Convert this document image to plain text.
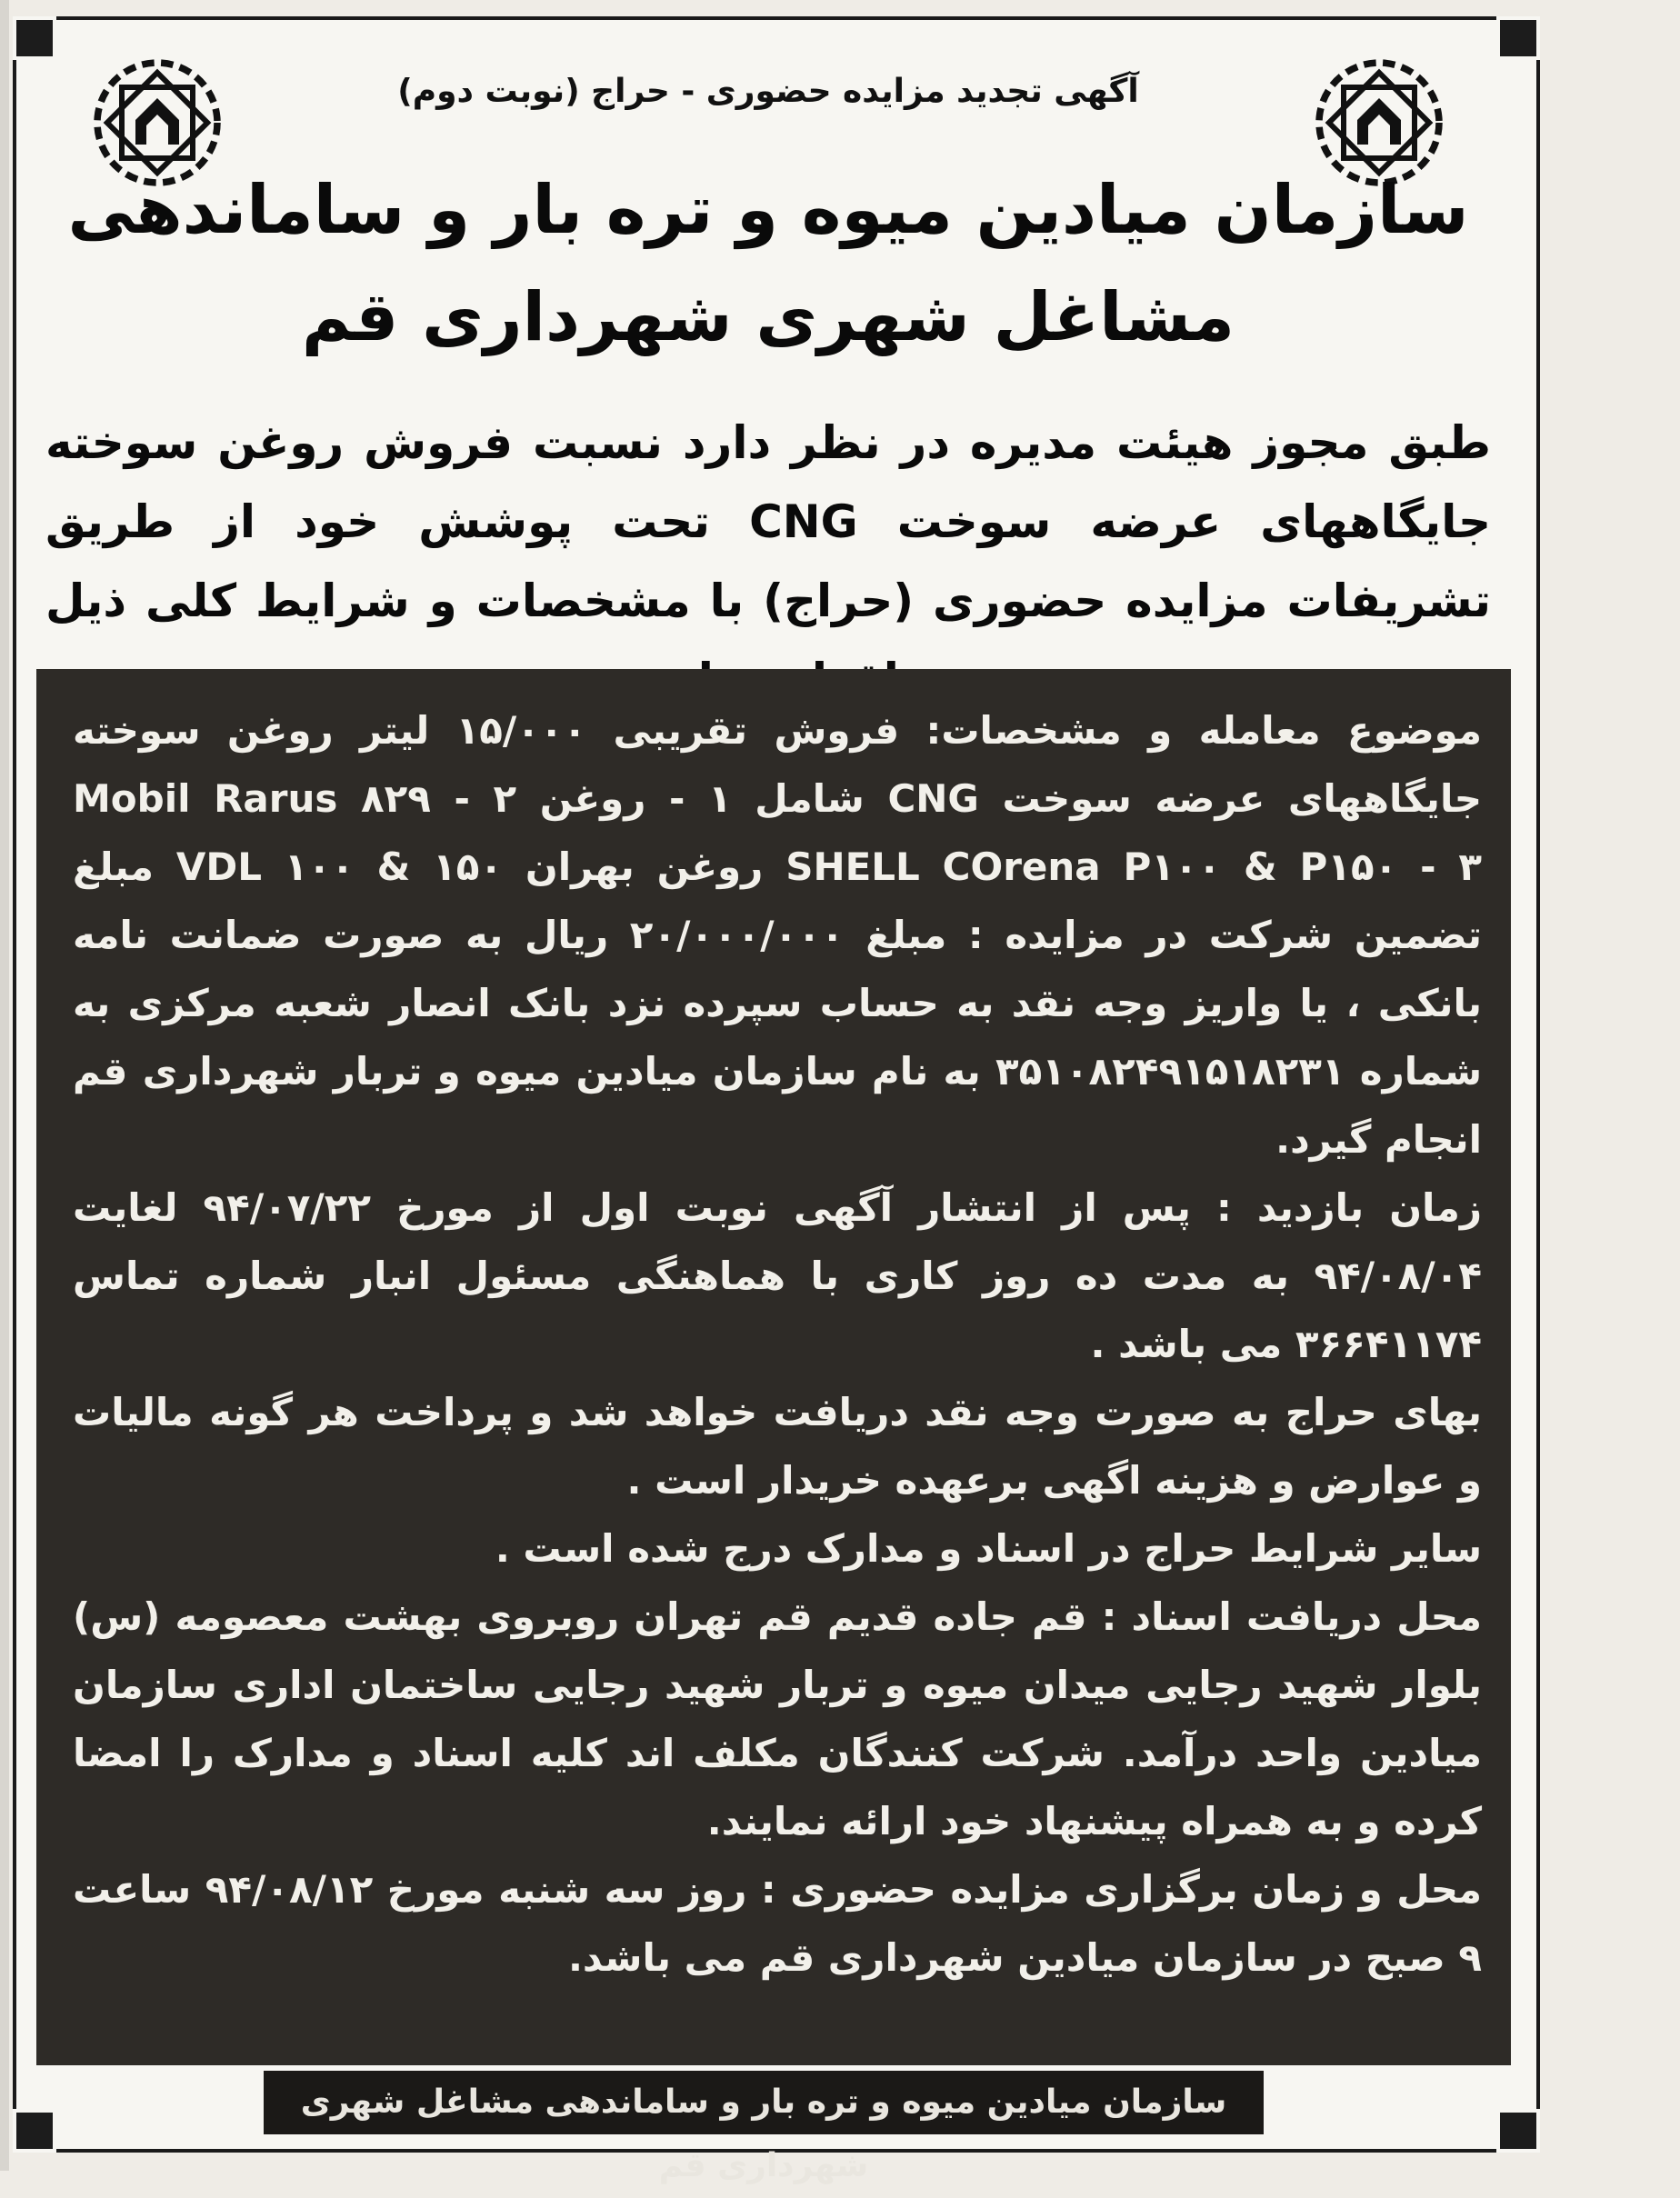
آگهی تجدید مزایده حضوری - حراج (نوبت دوم)
سازمان میادین میوه و تره بار و ساماندهی
مشاغل شهری شهرداری قم
طبق مجوز هیئت مدیره در نظر دارد نسبت فروش روغن سوخته جایگاههای عرضه سوخت CNG تحت پوشش خود از طریق تشریفات مزایده حضوری (حراج) با مشخصات و شرایط کلی ذیل

موضوع معامله و مشخصات: فروش تقریبی ۱۵/۰۰۰ لیتر روغن سوخته جایگاههای عرضه سوخت CNG شامل ۱ - روغن Mobil Rarus ۸۲۹ - ۲ SHELL COrena P۱۰۰ & P۱۵۰ - ۳ روغن بهران VDL ۱۰۰ & ۱۵۰ مبلغ تضمین شرکت در مزایده : مبلغ ۲۰/۰۰۰/۰۰۰ ریال به صورت ضمانت نامه بانکی ، یا واریز وجه نقد به حساب سپرده نزد بانک انصار شعبه مرکزی به شماره ۳۵۱۰۸۲۴۹۱۵۱۸۲۳۱ به نام سازمان میادین میوه و تربار شهرداری قم انجام گیرد.

زمان بازدید : پس از انتشار آگهی نوبت اول از مورخ ۹۴/۰۷/۲۲ لغایت ۹۴/۰۸/۰۴ به مدت ده روز کاری با هماهنگی مسئول انبار شماره تماس ۳۶۶۴۱۱۷۴ می باشد .

بهای حراج به صورت وجه نقد دریافت خواهد شد و پرداخت هر گونه مالیات و عوارض و هزینه اگهی برعهده خریدار است .

سایر شرایط حراج در اسناد و مدارک درج شده است .

محل دریافت اسناد : قم جاده قدیم قم تهران روبروی بهشت معصومه (س) بلوار شهید رجایی میدان میوه و تربار شهید رجایی ساختمان اداری سازمان میادین واحد درآمد. شرکت کنندگان مکلف اند کلیه اسناد و مدارک را امضا کرده و به همراه پیشنهاد خود ارائه نمایند.

محل و زمان برگزاری مزایده حضوری : روز سه شنبه مورخ ۹۴/۰۸/۱۲ ساعت ۹ صبح در سازمان میادین شهرداری قم می باشد.

سازمان میادین میوه و تره بار و ساماندهی مشاغل شهری شهرداری قم
